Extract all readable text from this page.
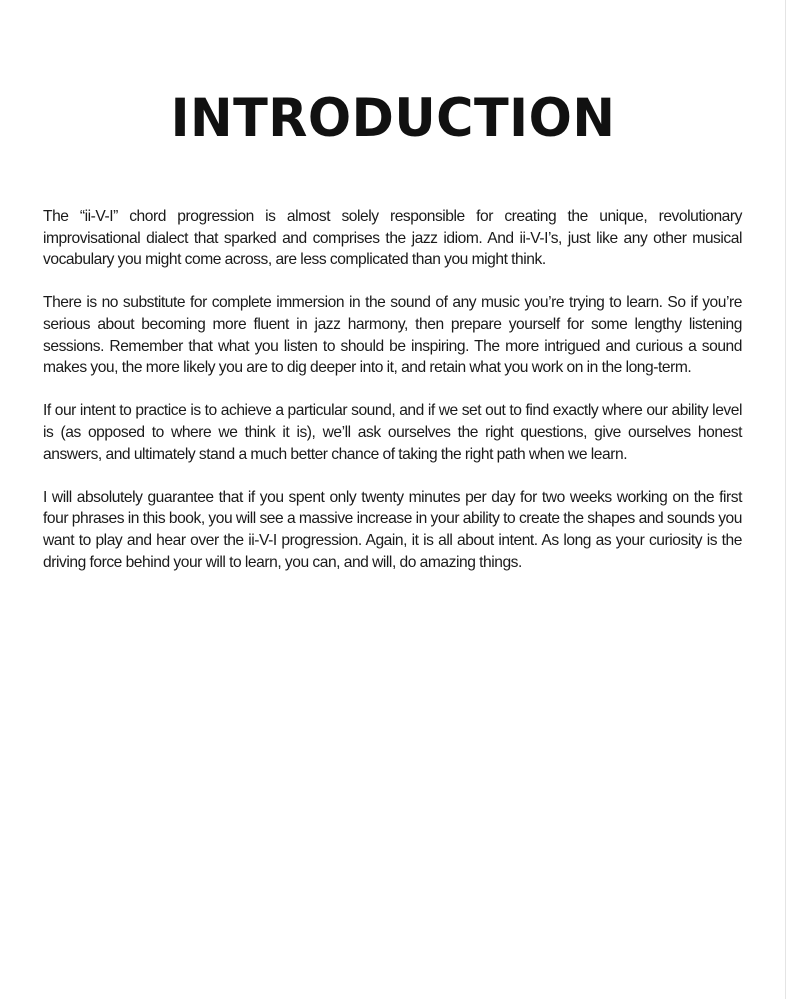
INTRODUCTION

The “ii-V-I” chord progression is almost solely responsible for creating the unique, revolutionary improvisational dialect that sparked and comprises the jazz idiom. And ii-V-I’s, just like any other musical vocabulary you might come across, are less complicated than you might think.

There is no substitute for complete immersion in the sound of any music you’re trying to learn. So if you’re serious about becoming more fluent in jazz harmony, then prepare yourself for some lengthy listening sessions. Remember that what you listen to should be inspiring. The more intrigued and curious a sound makes you, the more likely you are to dig deeper into it, and retain what you work on in the long-term.

If our intent to practice is to achieve a particular sound, and if we set out to find exactly where our ability level is (as opposed to where we think it is), we’ll ask ourselves the right questions, give ourselves honest answers, and ultimately stand a much better chance of taking the right path when we learn.

I will absolutely guarantee that if you spent only twenty minutes per day for two weeks working on the first four phrases in this book, you will see a massive increase in your ability to create the shapes and sounds you want to play and hear over the ii-V-I progression. Again, it is all about intent. As long as your curiosity is the driving force behind your will to learn, you can, and will, do amazing things.
